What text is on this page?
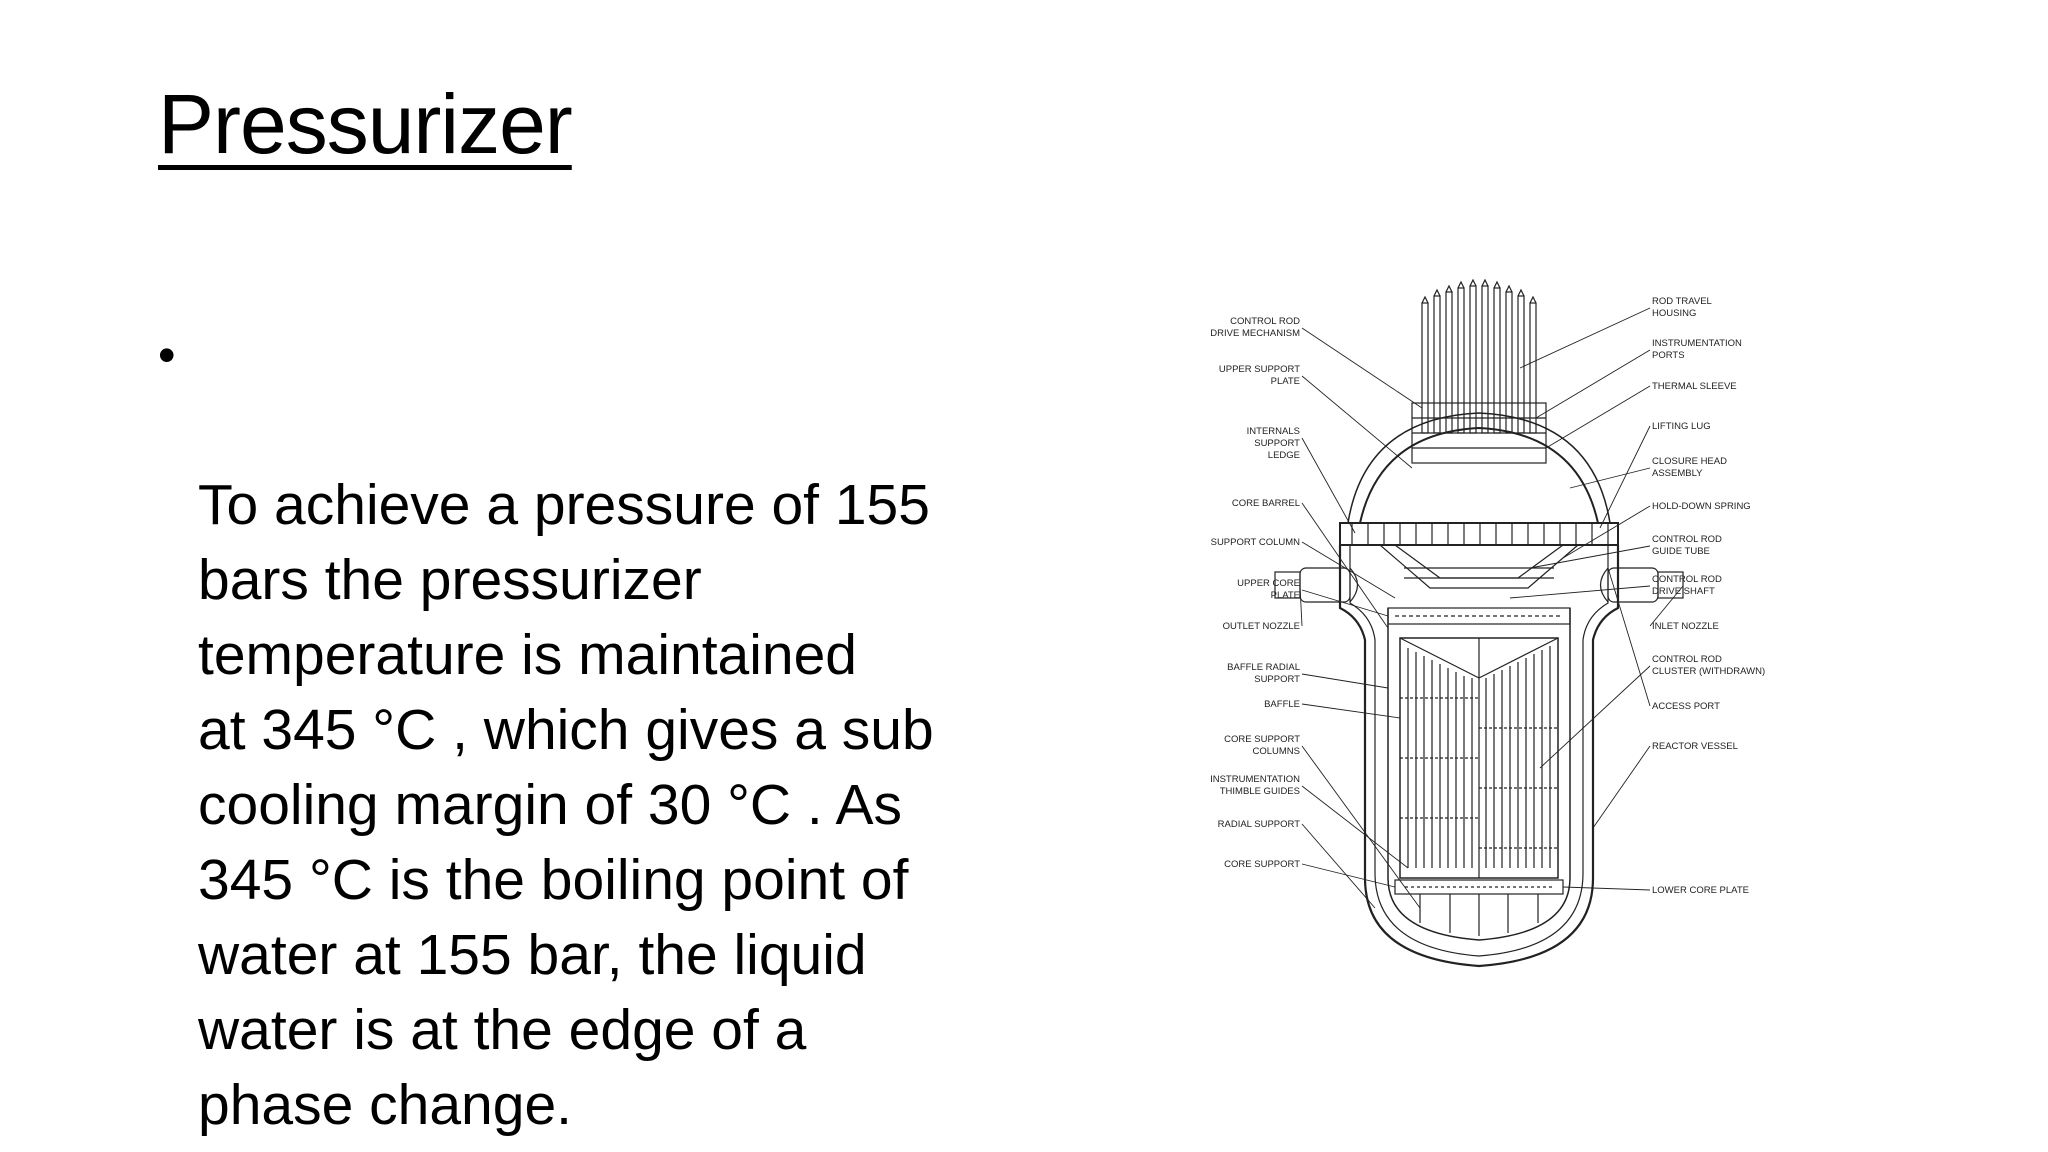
Pressurizer

•

To achieve a pressure of 155
bars the pressurizer
temperature is maintained
at 345 °C , which gives a sub
cooling margin of 30 °C . As
345 °C is the boiling point of
water at 155 bar, the liquid
water is at the edge of a
phase change.

CONTROL ROD DRIVE MECHANISM
UPPER SUPPORT PLATE
INTERNALS SUPPORT LEDGE
CORE BARREL
SUPPORT COLUMN
UPPER CORE PLATE
OUTLET NOZZLE
BAFFLE RADIAL SUPPORT
BAFFLE
CORE SUPPORT COLUMNS
INSTRUMENTATION THIMBLE GUIDES
RADIAL SUPPORT
CORE SUPPORT
ROD TRAVEL HOUSING
INSTRUMENTATION PORTS
THERMAL SLEEVE
LIFTING LUG
CLOSURE HEAD ASSEMBLY
HOLD-DOWN SPRING
CONTROL ROD GUIDE TUBE
CONTROL ROD DRIVE SHAFT
INLET NOZZLE
CONTROL ROD CLUSTER (WITHDRAWN)
ACCESS PORT
REACTOR VESSEL
LOWER CORE PLATE
